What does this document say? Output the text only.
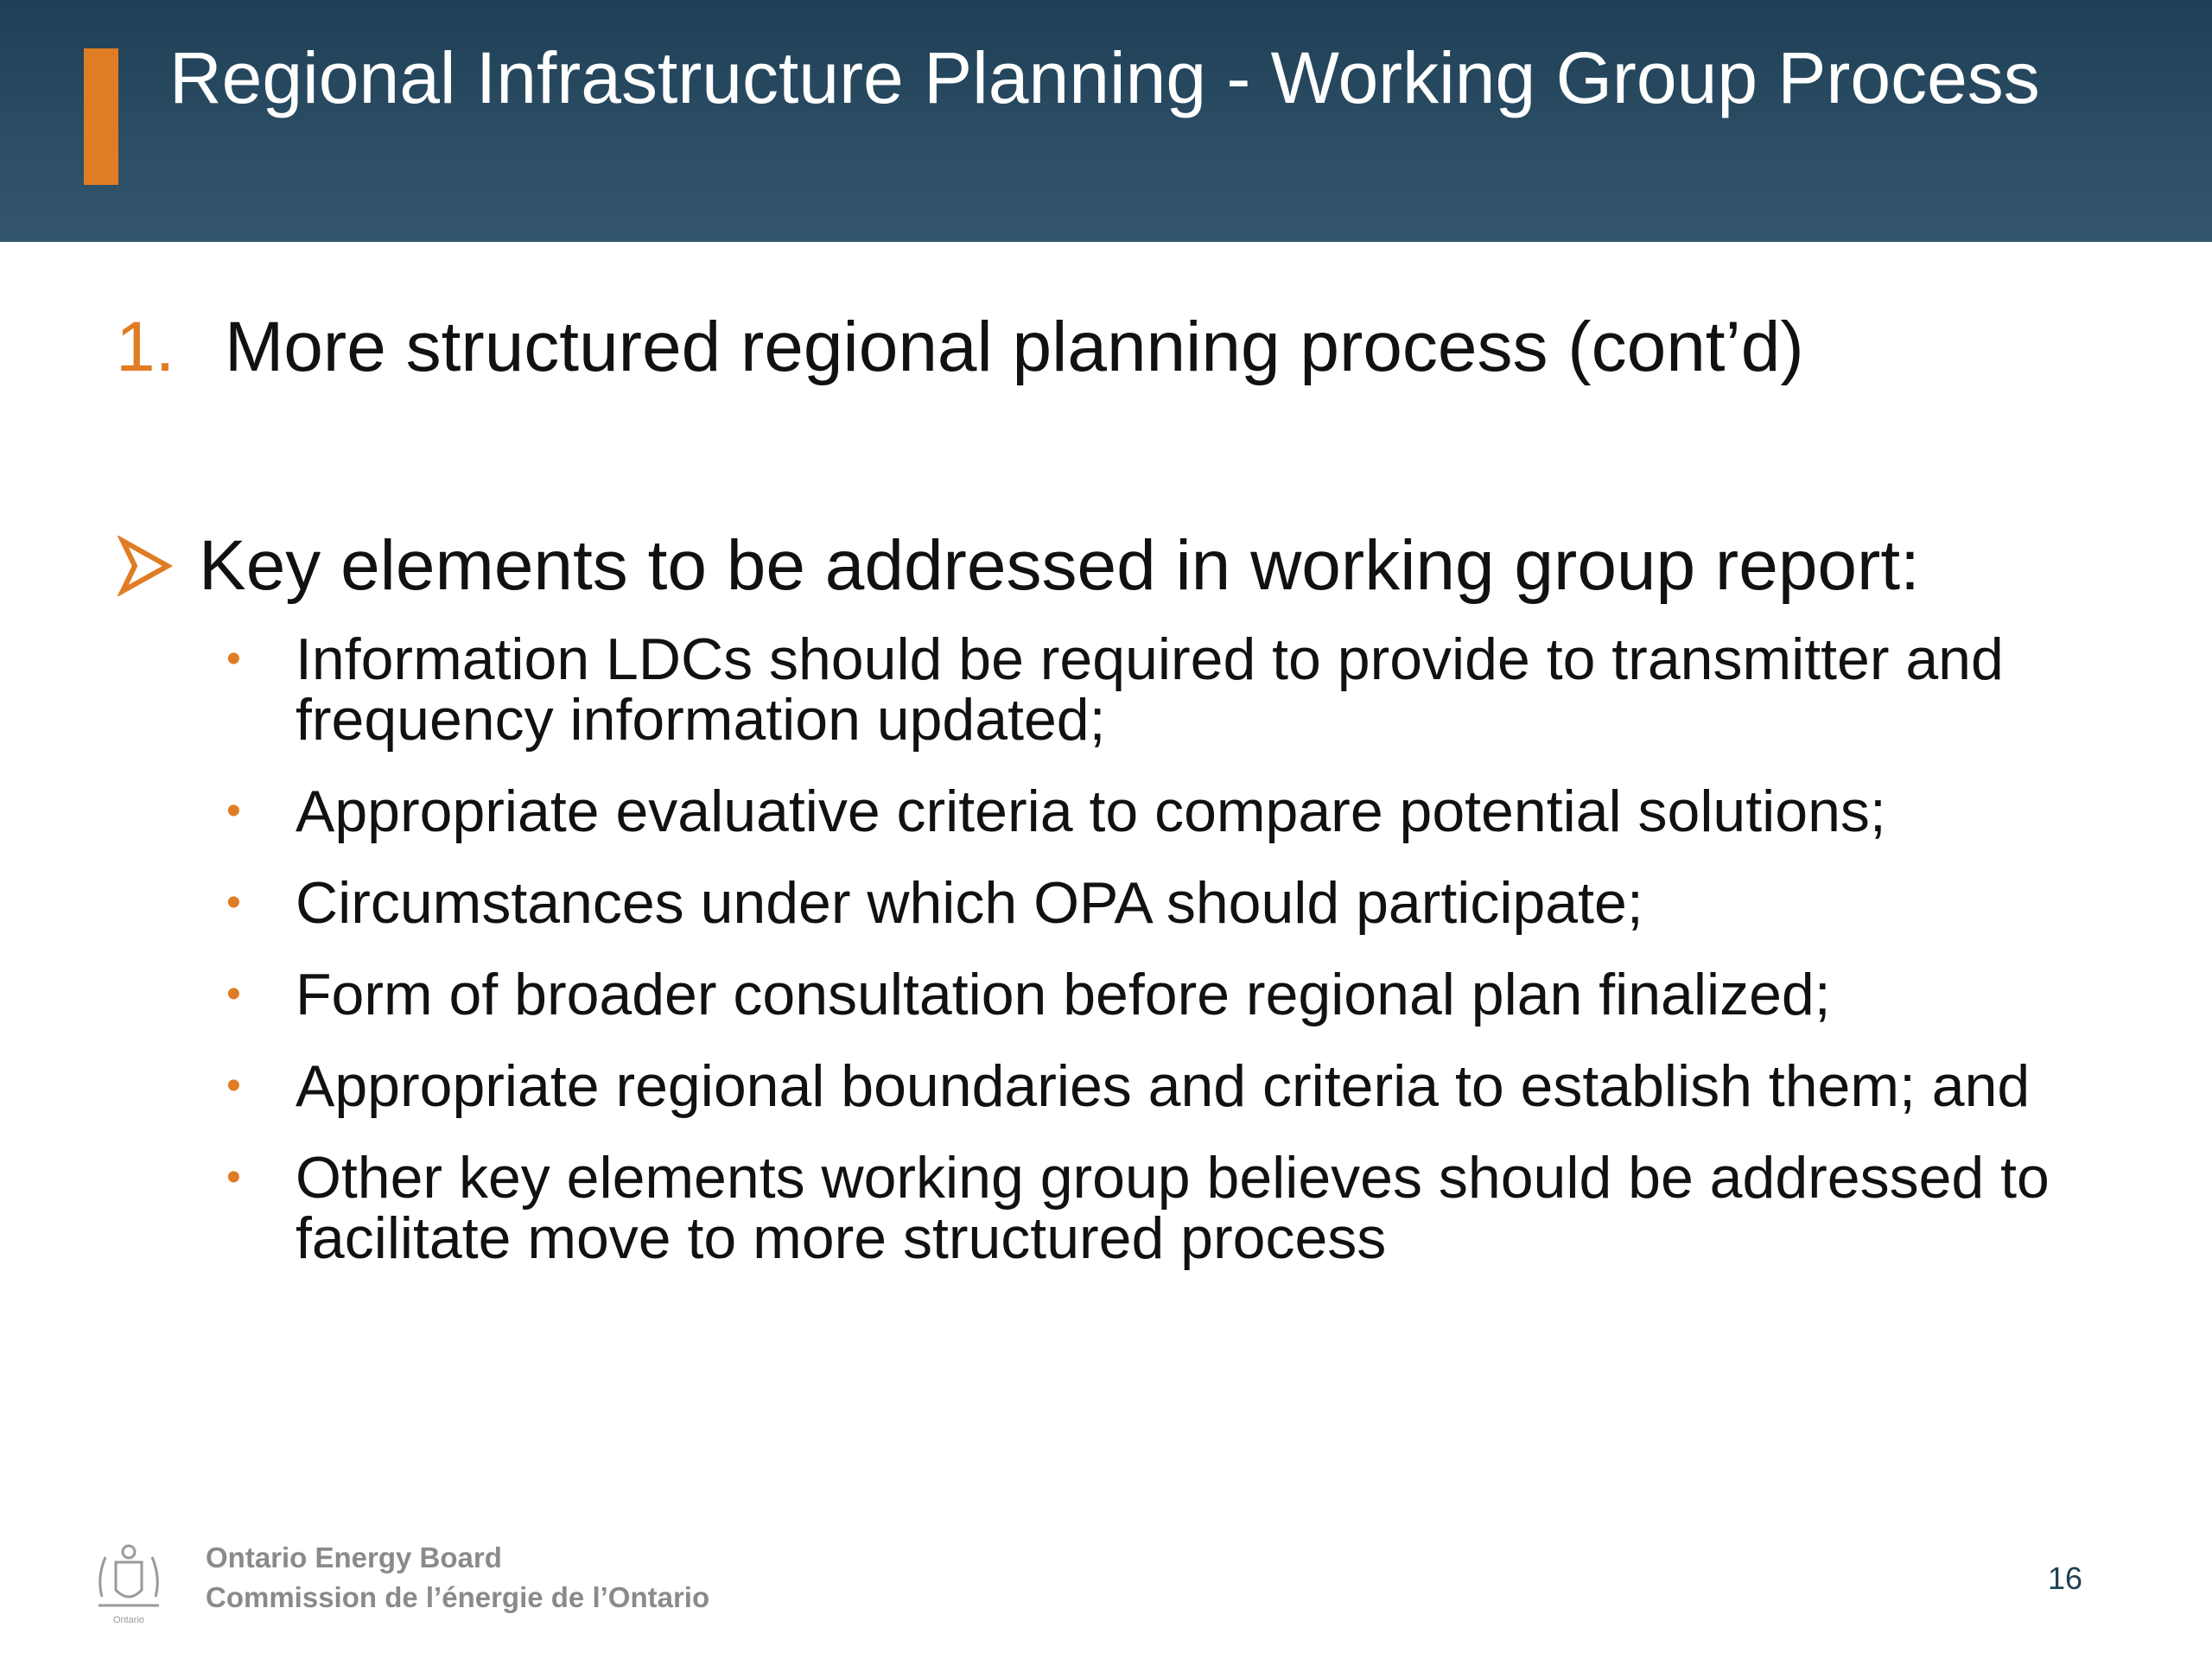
Regional Infrastructure Planning - Working Group Process
1. More structured regional planning process (cont’d)
Key elements to be addressed in working group report:
• Information LDCs should be required to provide to transmitter and frequency information updated;
• Appropriate evaluative criteria to compare potential solutions;
• Circumstances under which OPA should participate;
• Form of broader consultation before regional plan finalized;
• Appropriate regional boundaries and criteria to establish them; and
• Other key elements working group believes should be addressed to facilitate move to more structured process
Ontario
Ontario Energy Board
Commission de l’énergie de l’Ontario
16
